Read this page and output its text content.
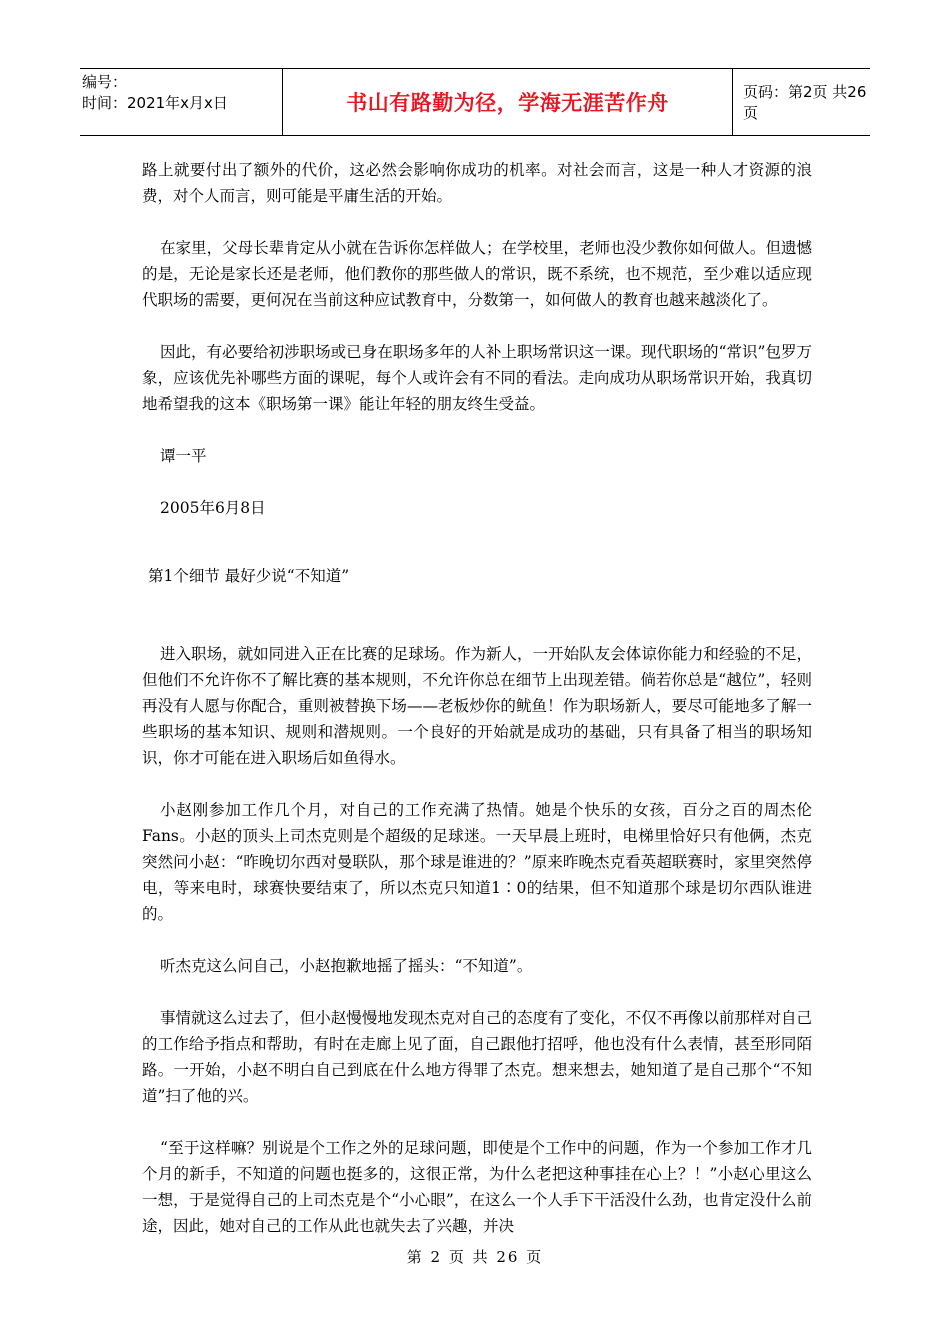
编号：
时间：2021年x月x日	书山有路勤为径，学海无涯苦作舟	页码：第2页 共26页

路上就要付出了额外的代价，这必然会影响你成功的机率。对社会而言，这是一种人才资源的浪费，对个人而言，则可能是平庸生活的开始。

在家里，父母长辈肯定从小就在告诉你怎样做人；在学校里，老师也没少教你如何做人。但遗憾的是，无论是家长还是老师，他们教你的那些做人的常识，既不系统，也不规范，至少难以适应现代职场的需要，更何况在当前这种应试教育中，分数第一，如何做人的教育也越来越淡化了。

因此，有必要给初涉职场或已身在职场多年的人补上职场常识这一课。现代职场的“常识”包罗万象，应该优先补哪些方面的课呢，每个人或许会有不同的看法。走向成功从职场常识开始，我真切地希望我的这本《职场第一课》能让年轻的朋友终生受益。

谭一平

2005年6月8日

第1个细节 最好少说“不知道”

进入职场，就如同进入正在比赛的足球场。作为新人，一开始队友会体谅你能力和经验的不足，但他们不允许你不了解比赛的基本规则，不允许你总在细节上出现差错。倘若你总是“越位”，轻则再没有人愿与你配合，重则被替换下场——老板炒你的鱿鱼！作为职场新人，要尽可能地多了解一些职场的基本知识、规则和潜规则。一个良好的开始就是成功的基础，只有具备了相当的职场知识，你才可能在进入职场后如鱼得水。

小赵刚参加工作几个月，对自己的工作充满了热情。她是个快乐的女孩，百分之百的周杰伦Fans。小赵的顶头上司杰克则是个超级的足球迷。一天早晨上班时，电梯里恰好只有他俩，杰克突然问小赵：“昨晚切尔西对曼联队，那个球是谁进的？”原来昨晚杰克看英超联赛时，家里突然停电，等来电时，球赛快要结束了，所以杰克只知道1∶0的结果，但不知道那个球是切尔西队谁进的。

听杰克这么问自己，小赵抱歉地摇了摇头：“不知道”。

事情就这么过去了，但小赵慢慢地发现杰克对自己的态度有了变化，不仅不再像以前那样对自己的工作给予指点和帮助，有时在走廊上见了面，自己跟他打招呼，他也没有什么表情，甚至形同陌路。一开始，小赵不明白自己到底在什么地方得罪了杰克。想来想去，她知道了是自己那个“不知道”扫了他的兴。

“至于这样嘛？别说是个工作之外的足球问题，即使是个工作中的问题，作为一个参加工作才几个月的新手，不知道的问题也挺多的，这很正常，为什么老把这种事挂在心上？！”小赵心里这么一想，于是觉得自己的上司杰克是个“小心眼”，在这么一个人手下干活没什么劲，也肯定没什么前途，因此，她对自己的工作从此也就失去了兴趣，并决

第 2 页 共 26 页
